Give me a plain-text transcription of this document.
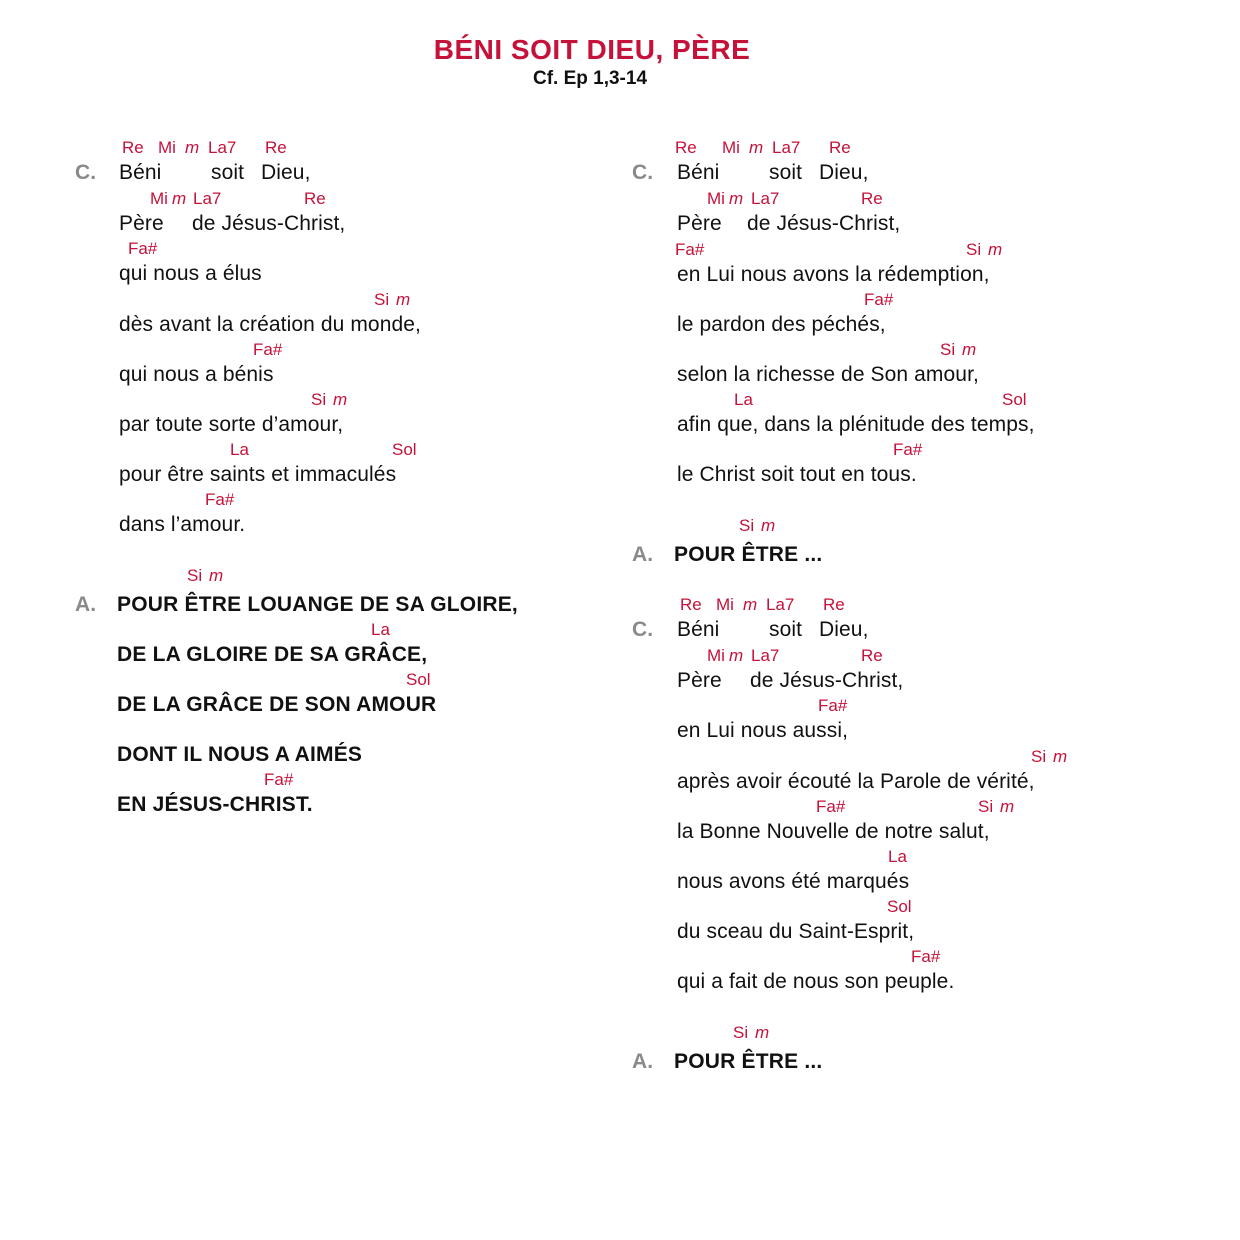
BÉNI SOIT DIEU, PÈRE
Cf. Ep 1,3-14
Re Mi m La7 Re
C. Béni soit Dieu,
Mi m La7	Re
Père de Jésus-Christ,
Fa#
qui nous a élus
Si m
dès avant la création du monde,
Fa#
qui nous a bénis
Si m
par toute sorte d’amour,
La	Sol
pour être saints et immaculés
Fa#
dans l’amour.
Si m
A. POUR ÊTRE LOUANGE DE SA GLOIRE,
La
DE LA GLOIRE DE SA GRÂCE,
Sol
DE LA GRÂCE DE SON AMOUR
DONT IL NOUS A AIMÉS
Fa#
EN JÉSUS-CHRIST.
Re Mi m La7 Re
C. Béni soit Dieu,
Mi m La7	Re
Père de Jésus-Christ,
Fa#	Si m
en Lui nous avons la rédemption,
Fa#
le pardon des péchés,
Si m
selon la richesse de Son amour,
La	Sol
afin que, dans la plénitude des temps,
Fa#
le Christ soit tout en tous.
Si m
A. POUR ÊTRE ...
Re Mi m La7 Re
C. Béni soit Dieu,
Mi m La7	Re
Père de Jésus-Christ,
Fa#
en Lui nous aussi,
Si m
après avoir écouté la Parole de vérité,
Fa#	Si m
la Bonne Nouvelle de notre salut,
La
nous avons été marqués
Sol
du sceau du Saint-Esprit,
Fa#
qui a fait de nous son peuple.
Si m
A. POUR ÊTRE ...
